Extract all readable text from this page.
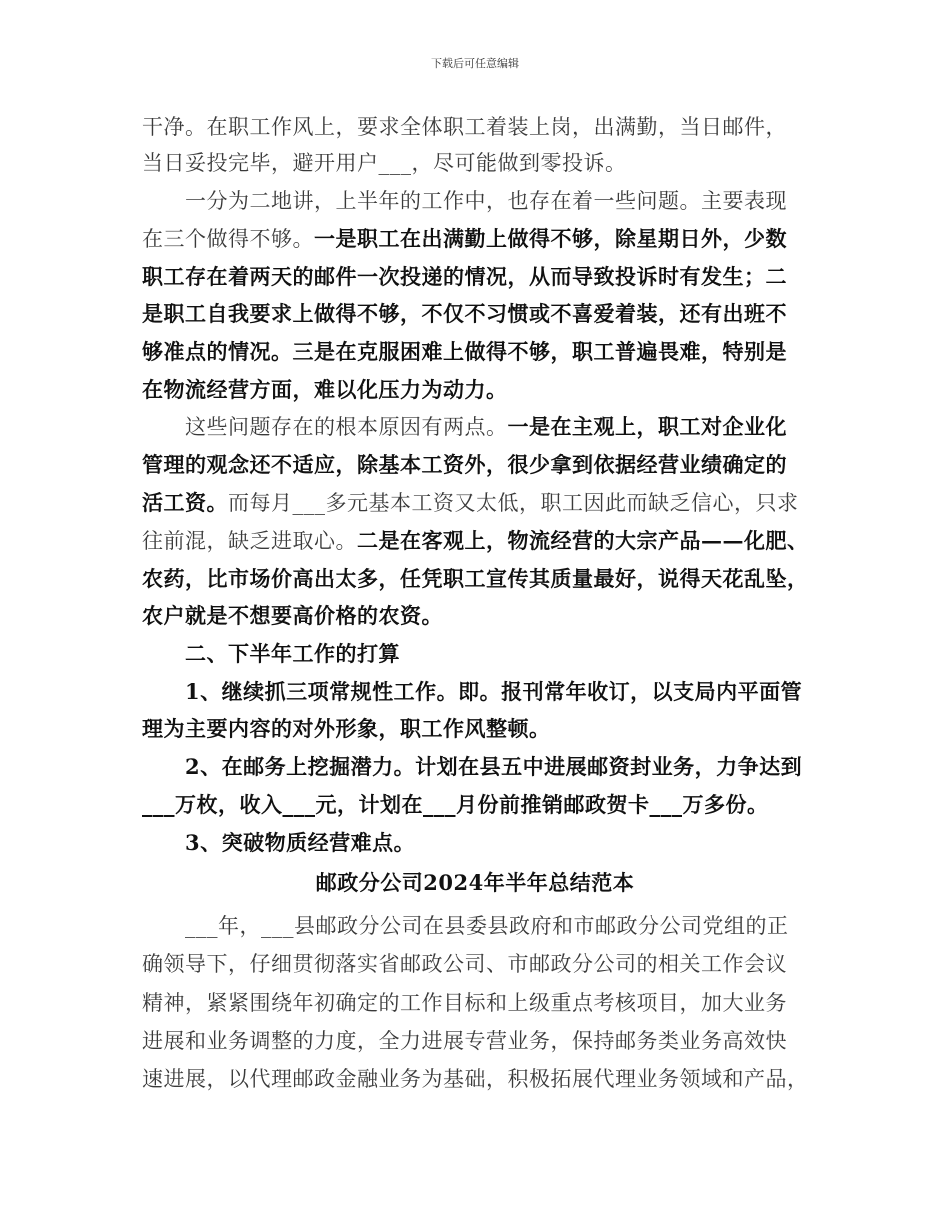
下载后可任意编辑
干净。在职工作风上，要求全体职工着装上岗，出满勤，当日邮件，
当日妥投完毕，避开用户___，尽可能做到零投诉。
　　一分为二地讲，上半年的工作中，也存在着一些问题。主要表现
在三个做得不够。一是职工在出满勤上做得不够，除星期日外，少数
职工存在着两天的邮件一次投递的情况，从而导致投诉时有发生；二
是职工自我要求上做得不够，不仅不习惯或不喜爱着装，还有出班不
够准点的情况。三是在克服困难上做得不够，职工普遍畏难，特别是
在物流经营方面，难以化压力为动力。
　　这些问题存在的根本原因有两点。一是在主观上，职工对企业化
管理的观念还不适应，除基本工资外，很少拿到依据经营业绩确定的
活工资。而每月___多元基本工资又太低，职工因此而缺乏信心，只求
往前混，缺乏进取心。二是在客观上，物流经营的大宗产品——化肥、
农药，比市场价高出太多，任凭职工宣传其质量最好，说得天花乱坠，
农户就是不想要高价格的农资。
　　二、下半年工作的打算
　　1、继续抓三项常规性工作。即。报刊常年收订，以支局内平面管
理为主要内容的对外形象，职工作风整顿。
　　2、在邮务上挖掘潜力。计划在县五中进展邮资封业务，力争达到
___万枚，收入___元，计划在___月份前推销邮政贺卡___万多份。
　　3、突破物质经营难点。
邮政分公司2024年半年总结范本
　　___年，___县邮政分公司在县委县政府和市邮政分公司党组的正
确领导下，仔细贯彻落实省邮政公司、市邮政分公司的相关工作会议
精神，紧紧围绕年初确定的工作目标和上级重点考核项目，加大业务
进展和业务调整的力度，全力进展专营业务，保持邮务类业务高效快
速进展，以代理邮政金融业务为基础，积极拓展代理业务领域和产品，
